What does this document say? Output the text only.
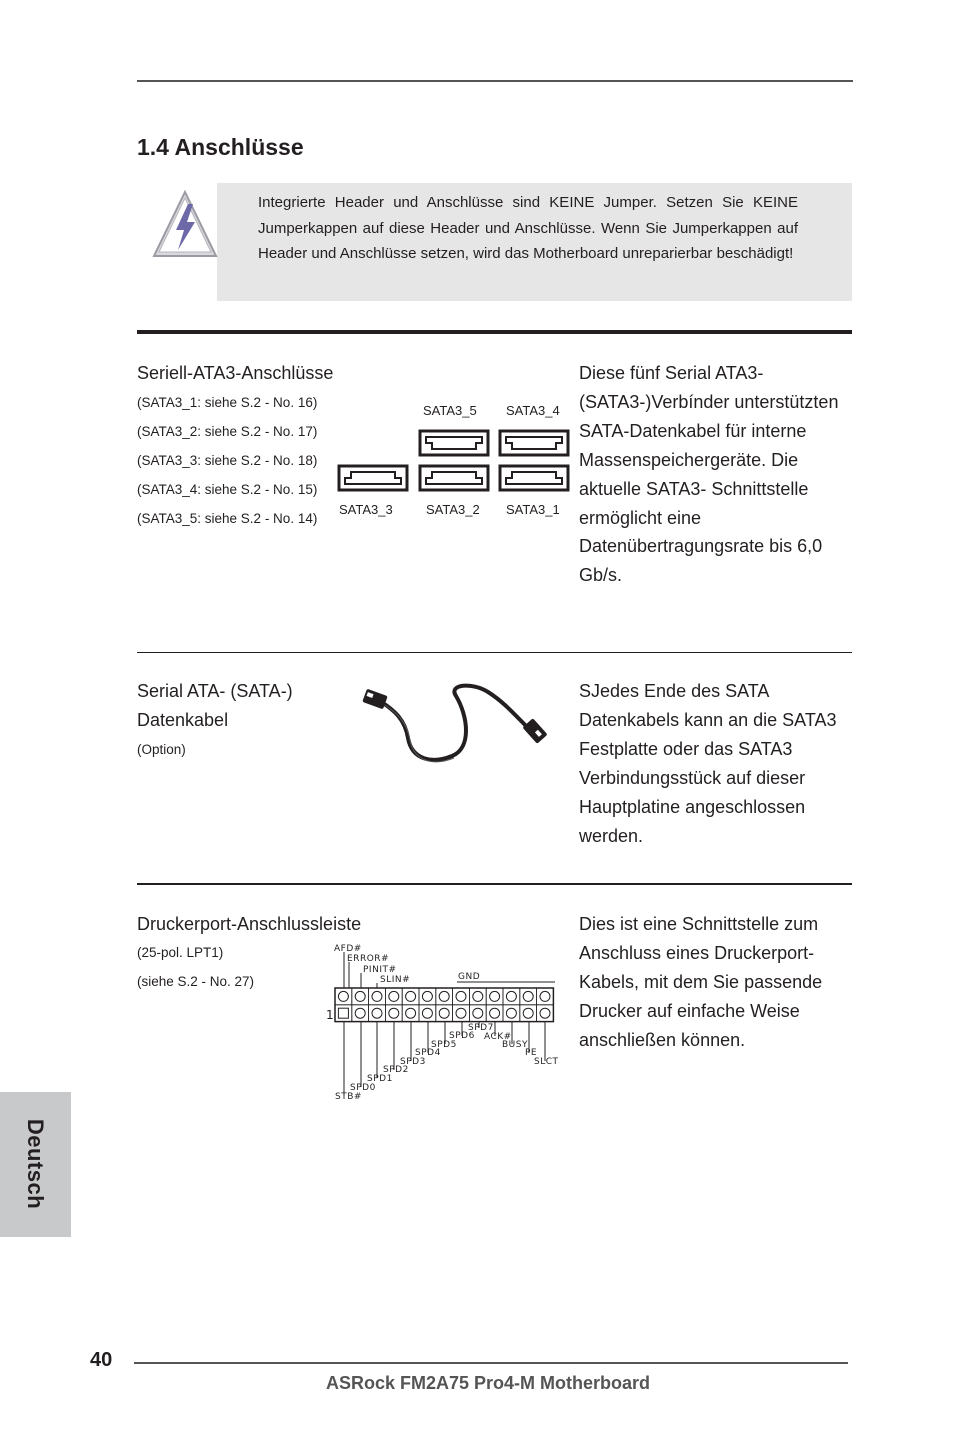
1.4 Anschlüsse
Integrierte Header und Anschlüsse sind KEINE Jumper. Setzen Sie KEINE Jumperkappen auf diese Header und Anschlüsse. Wenn Sie Jumperkappen auf Header und Anschlüsse setzen, wird das Motherboard unreparierbar beschädigt!
Seriell-ATA3-Anschlüsse
(SATA3_1: siehe S.2 - No. 16)
(SATA3_2: siehe S.2 - No. 17)
(SATA3_3: siehe S.2 - No. 18)
(SATA3_4: siehe S.2 - No. 15)
(SATA3_5: siehe S.2 - No. 14)
SATA3_5 SATA3_4
SATA3_3	SATA3_2 SATA3_1
Diese fünf Serial ATA3-(SATA3-)Verbínder unterstützten SATA-Datenkabel für interne Massenspeichergeräte. Die aktuelle SATA3- Schnittstelle ermöglicht eine Datenübertragungsrate bis 6,0 Gb/s.
Serial ATA- (SATA-)
Datenkabel
(Option)
SJedes Ende des SATA Datenkabels kann an die SATA3 Festplatte oder das SATA3 Verbindungsstück auf dieser Hauptplatine angeschlossen werden.
Druckerport-Anschlussleiste
(25-pol. LPT1)
(siehe S.2 - No. 27)
AFD#
ERROR#
PINIT#
SLIN#	GND
SPD7
SPD6 ACK#
SPD5	BUSY
SPD4	PE
SPD3	SLCT
SPD2
SPD1
SPD0
STB#
1
Dies ist eine Schnittstelle zum Anschluss eines Druckerport-Kabels, mit dem Sie passende Drucker auf einfache Weise anschließen können.
Deutsch
40
ASRock FM2A75 Pro4-M Motherboard
